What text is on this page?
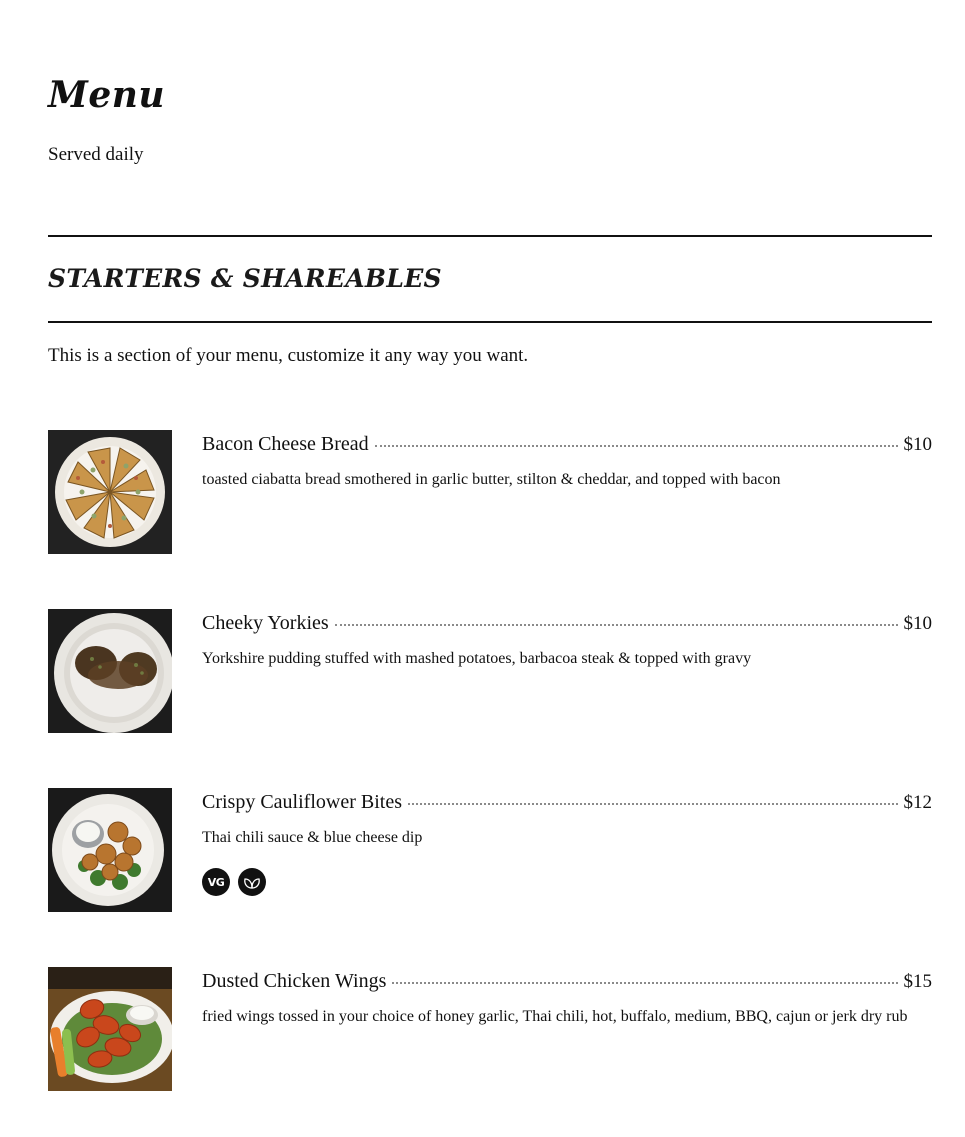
Menu

Served daily

STARTERS & SHAREABLES

This is a section of your menu, customize it any way you want.

Bacon Cheese Bread	$10

toasted ciabatta bread smothered in garlic butter, stilton & cheddar, and topped with bacon

Cheeky Yorkies	$10

Yorkshire pudding stuffed with mashed potatoes, barbacoa steak & topped with gravy

Crispy Cauliflower Bites	$12

Thai chili sauce & blue cheese dip

VG
Dusted Chicken Wings	$15

fried wings tossed in your choice of honey garlic, Thai chili, hot, buffalo, medium, BBQ, cajun or jerk dry rub
